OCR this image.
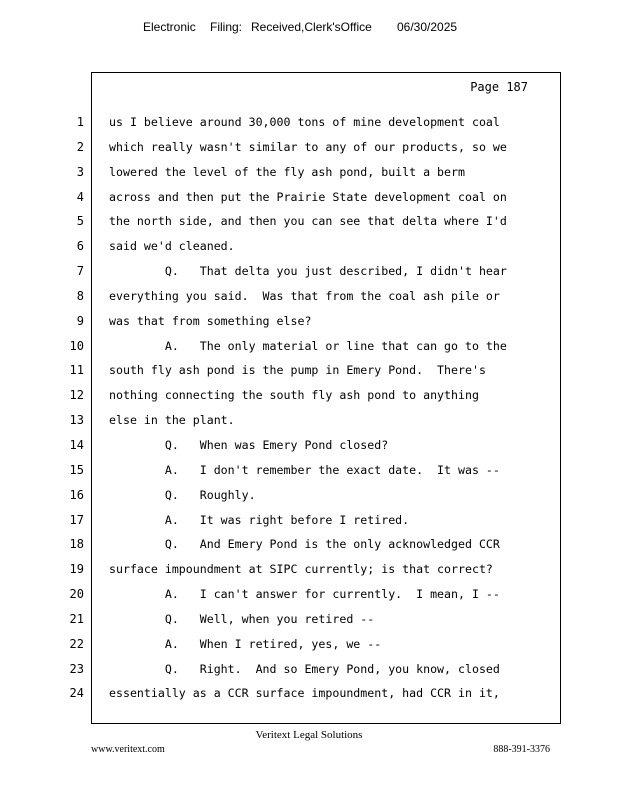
Electronic Filing: Received,Clerk'sOffice 06/30/2025
Page 187
1
2
3
4
5
6
7
8
9
10
11
12
13
14
15
16
17
18
19
20
21
22
23
24
us I believe around 30,000 tons of mine development coal
which really wasn't similar to any of our products, so we
lowered the level of the fly ash pond, built a berm
across and then put the Prairie State development coal on
the north side, and then you can see that delta where I'd
said we'd cleaned.
Q.   That delta you just described, I didn't hear
everything you said.  Was that from the coal ash pile or
was that from something else?
A.   The only material or line that can go to the
south fly ash pond is the pump in Emery Pond.  There's
nothing connecting the south fly ash pond to anything
else in the plant.
Q.   When was Emery Pond closed?
A.   I don't remember the exact date.  It was --
Q.   Roughly.
A.   It was right before I retired.
Q.   And Emery Pond is the only acknowledged CCR
surface impoundment at SIPC currently; is that correct?
A.   I can't answer for currently.  I mean, I --
Q.   Well, when you retired --
A.   When I retired, yes, we --
Q.   Right.  And so Emery Pond, you know, closed
essentially as a CCR surface impoundment, had CCR in it,
Veritext Legal Solutions
www.veritext.com	888-391-3376
